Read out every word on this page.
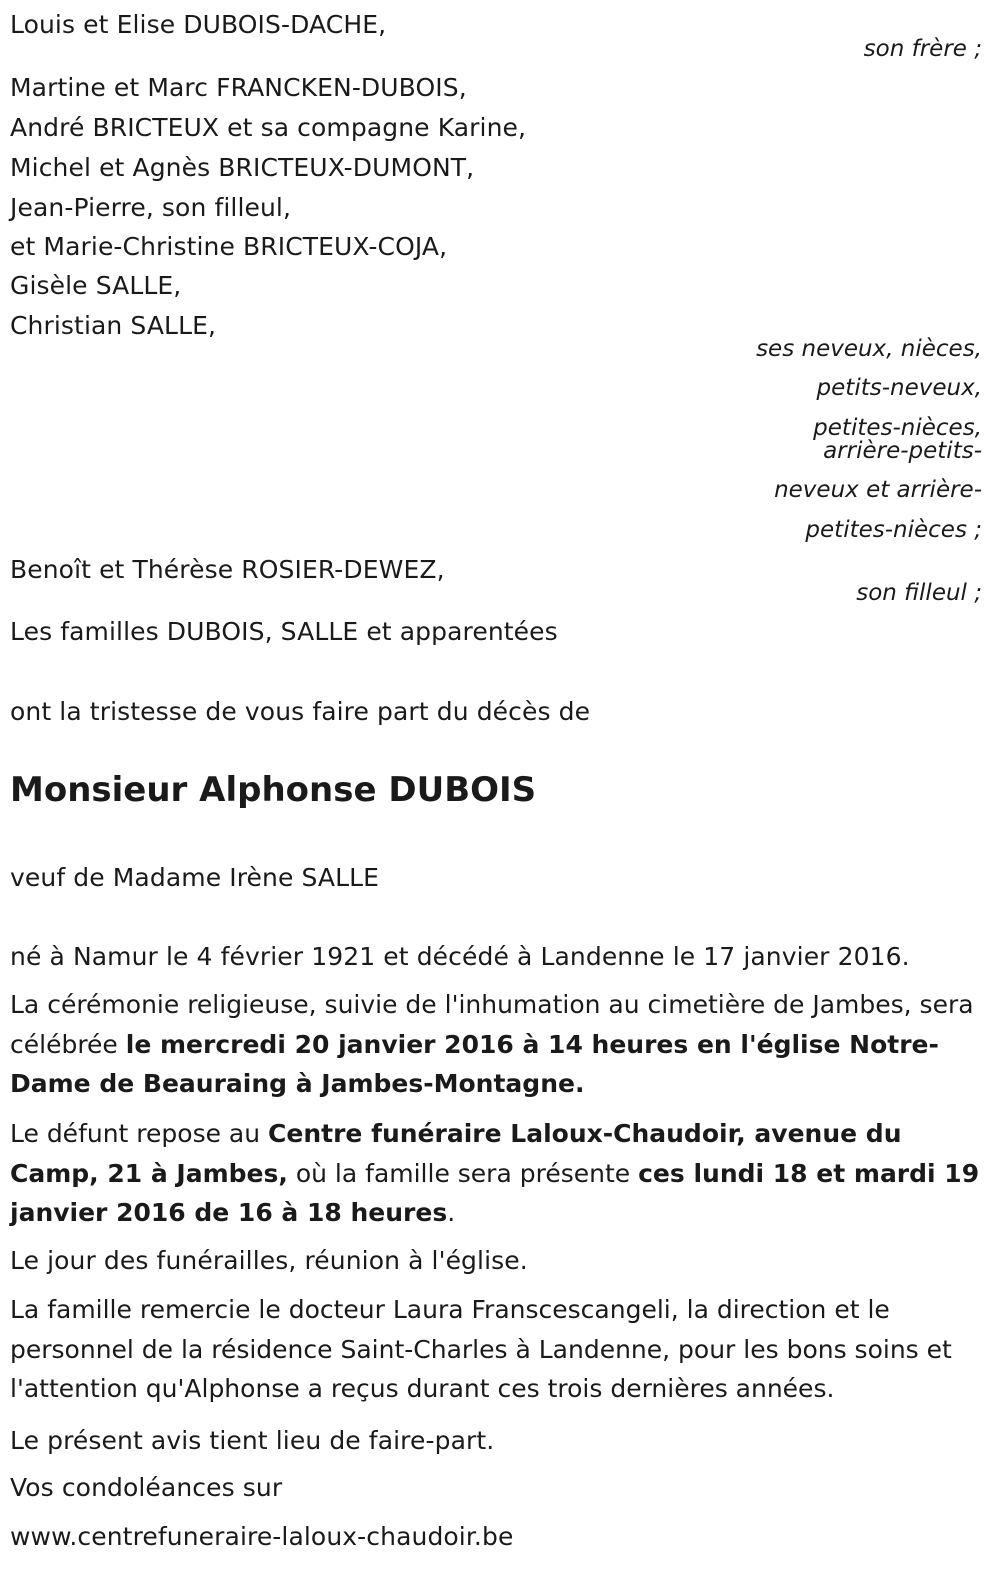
Louis et Elise DUBOIS-DACHE,
son frère ;
Martine et Marc FRANCKEN-DUBOIS,
André BRICTEUX et sa compagne Karine,
Michel et Agnès BRICTEUX-DUMONT,
Jean-Pierre, son filleul,
et Marie-Christine BRICTEUX-COJA,
Gisèle SALLE,
Christian SALLE,
ses neveux, nièces,
petits-neveux,
petites-nièces,
arrière-petits-
neveux et arrière-
petites-nièces ;
Benoît et Thérèse ROSIER-DEWEZ,
son filleul ;
Les familles DUBOIS, SALLE et apparentées
ont la tristesse de vous faire part du décès de
Monsieur Alphonse DUBOIS
veuf de Madame Irène SALLE
né à Namur le 4 février 1921 et décédé à Landenne le 17 janvier 2016.
La cérémonie religieuse, suivie de l'inhumation au cimetière de Jambes, sera célébrée le mercredi 20 janvier 2016 à 14 heures en l'église Notre-Dame de Beauraing à Jambes-Montagne.
Le défunt repose au Centre funéraire Laloux-Chaudoir, avenue du Camp, 21 à Jambes, où la famille sera présente ces lundi 18 et mardi 19 janvier 2016 de 16 à 18 heures.
Le jour des funérailles, réunion à l'église.
La famille remercie le docteur Laura Franscescangeli, la direction et le personnel de la résidence Saint-Charles à Landenne, pour les bons soins et l'attention qu'Alphonse a reçus durant ces trois dernières années.
Le présent avis tient lieu de faire-part.
Vos condoléances sur
www.centrefuneraire-laloux-chaudoir.be
